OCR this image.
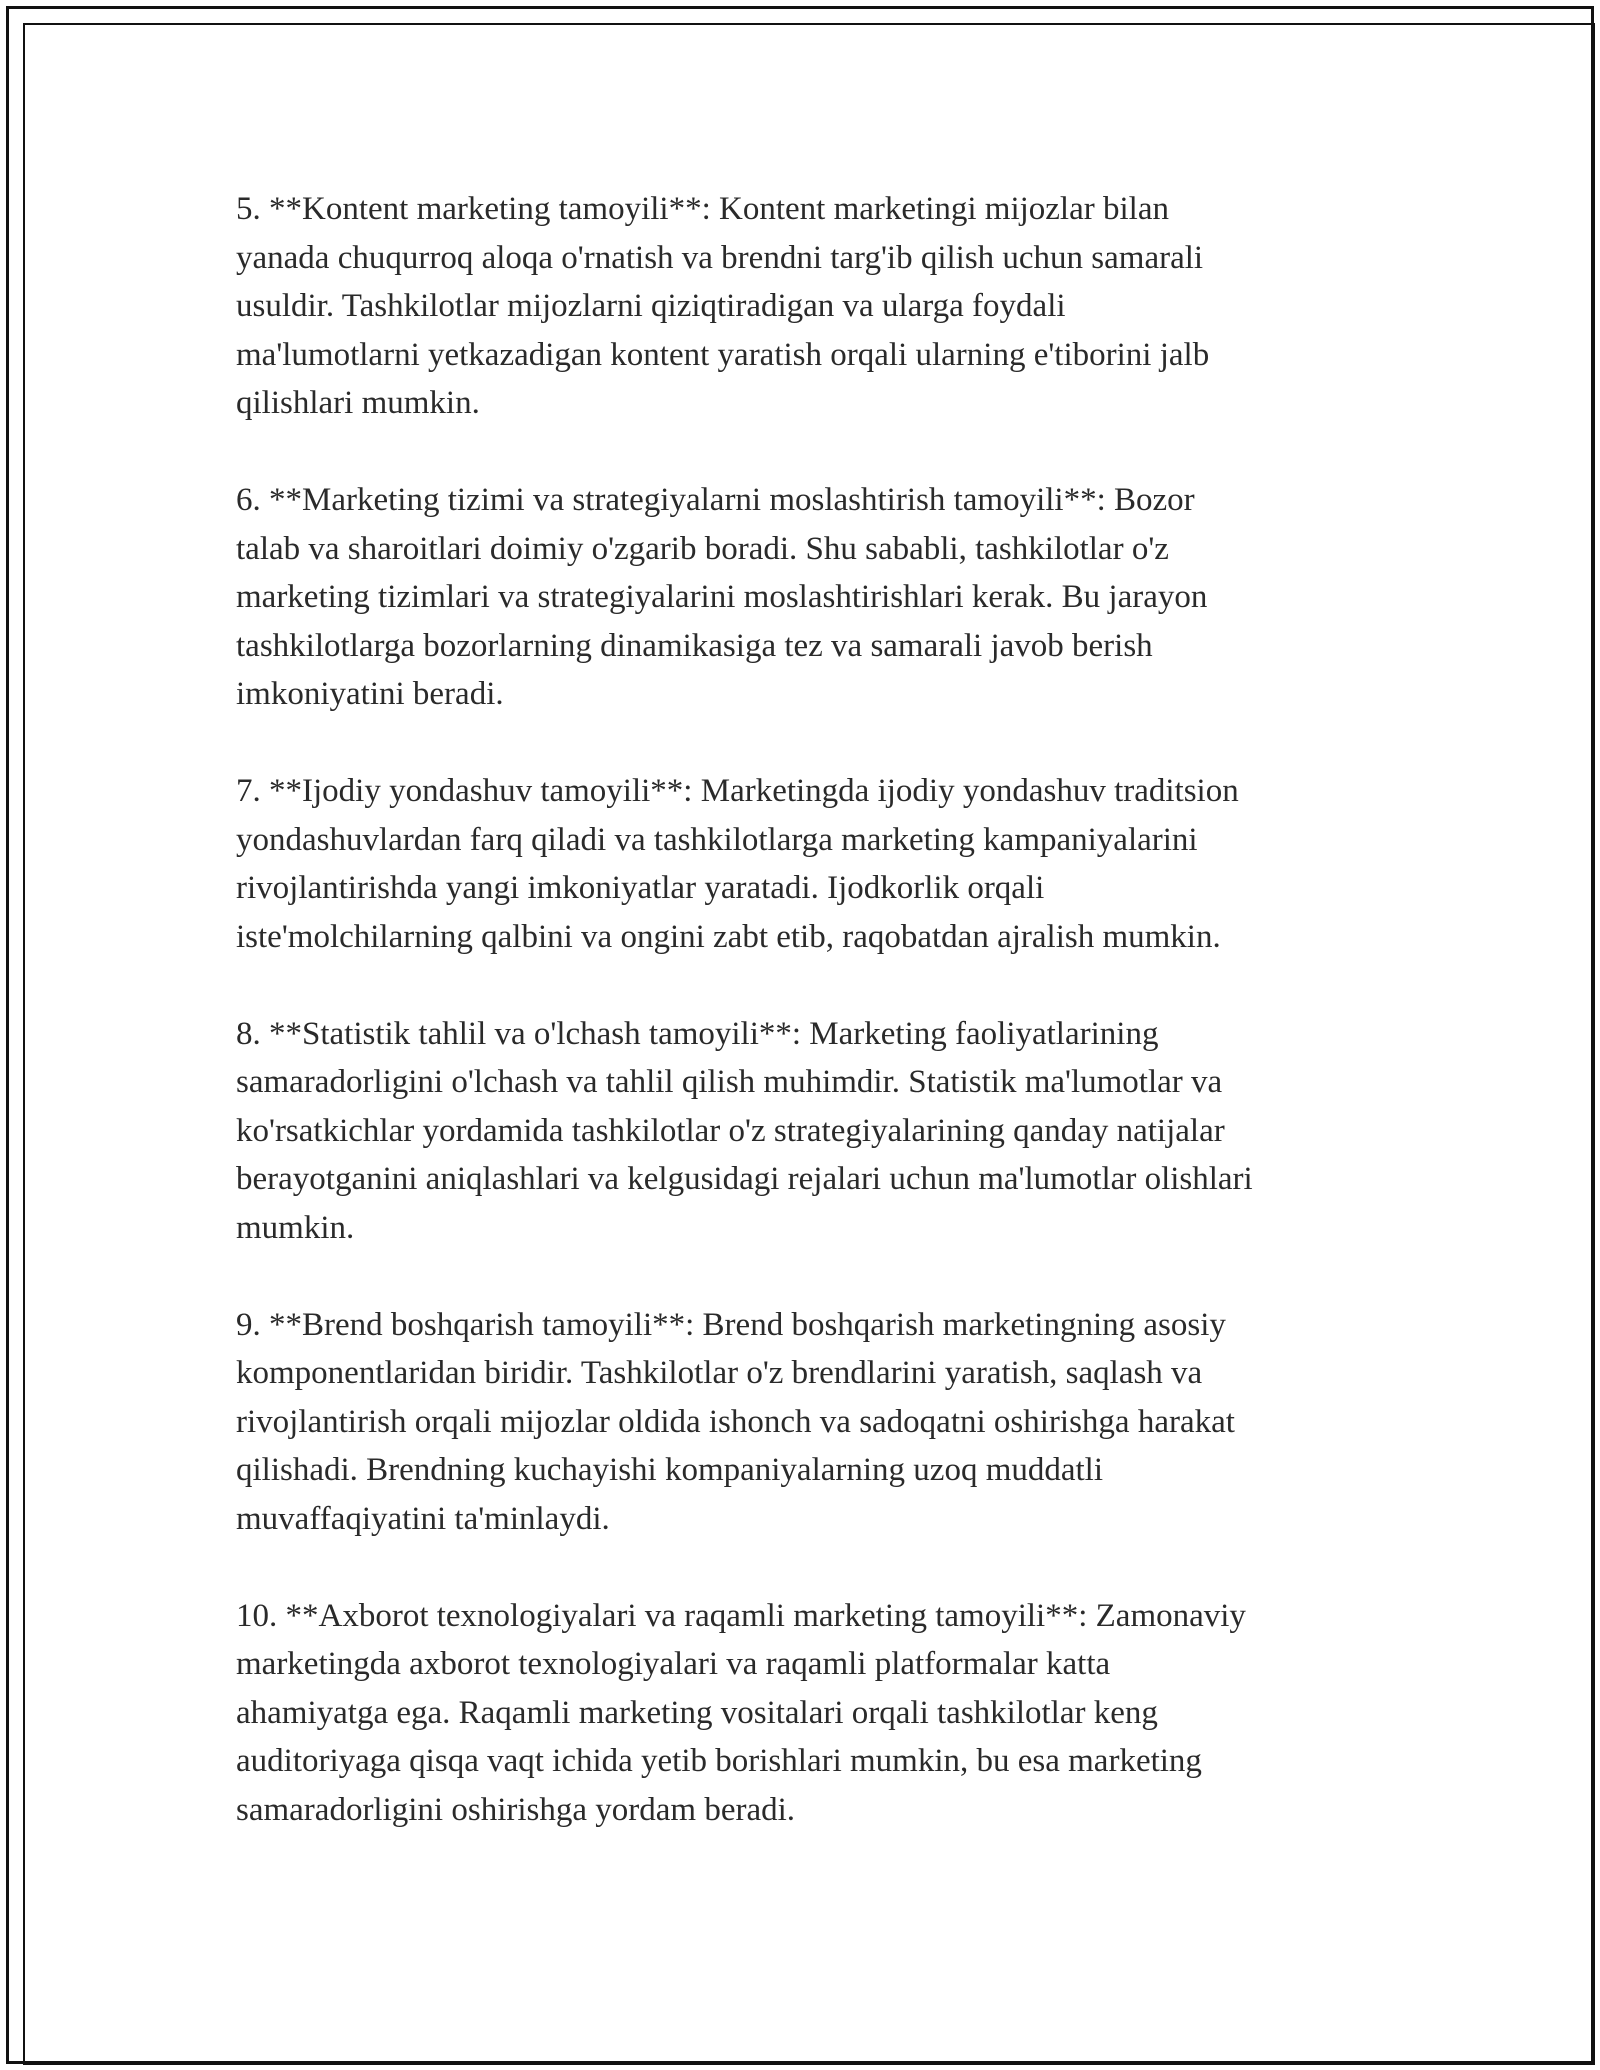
5. **Kontent marketing tamoyili**: Kontent marketingi mijozlar bilan
yanada chuqurroq aloqa o'rnatish va brendni targ'ib qilish uchun samarali
usuldir. Tashkilotlar mijozlarni qiziqtiradigan va ularga foydali
ma'lumotlarni yetkazadigan kontent yaratish orqali ularning e'tiborini jalb
qilishlari mumkin.

6. **Marketing tizimi va strategiyalarni moslashtirish tamoyili**: Bozor
talab va sharoitlari doimiy o'zgarib boradi. Shu sababli, tashkilotlar o'z
marketing tizimlari va strategiyalarini moslashtirishlari kerak. Bu jarayon
tashkilotlarga bozorlarning dinamikasiga tez va samarali javob berish
imkoniyatini beradi.

7. **Ijodiy yondashuv tamoyili**: Marketingda ijodiy yondashuv traditsion
yondashuvlardan farq qiladi va tashkilotlarga marketing kampaniyalarini
rivojlantirishda yangi imkoniyatlar yaratadi. Ijodkorlik orqali
iste'molchilarning qalbini va ongini zabt etib, raqobatdan ajralish mumkin.

8. **Statistik tahlil va o'lchash tamoyili**: Marketing faoliyatlarining
samaradorligini o'lchash va tahlil qilish muhimdir. Statistik ma'lumotlar va
ko'rsatkichlar yordamida tashkilotlar o'z strategiyalarining qanday natijalar
berayotganini aniqlashlari va kelgusidagi rejalari uchun ma'lumotlar olishlari
mumkin.

9. **Brend boshqarish tamoyili**: Brend boshqarish marketingning asosiy
komponentlaridan biridir. Tashkilotlar o'z brendlarini yaratish, saqlash va
rivojlantirish orqali mijozlar oldida ishonch va sadoqatni oshirishga harakat
qilishadi. Brendning kuchayishi kompaniyalarning uzoq muddatli
muvaffaqiyatini ta'minlaydi.

10. **Axborot texnologiyalari va raqamli marketing tamoyili**: Zamonaviy
marketingda axborot texnologiyalari va raqamli platformalar katta
ahamiyatga ega. Raqamli marketing vositalari orqali tashkilotlar keng
auditoriyaga qisqa vaqt ichida yetib borishlari mumkin, bu esa marketing
samaradorligini oshirishga yordam beradi.
